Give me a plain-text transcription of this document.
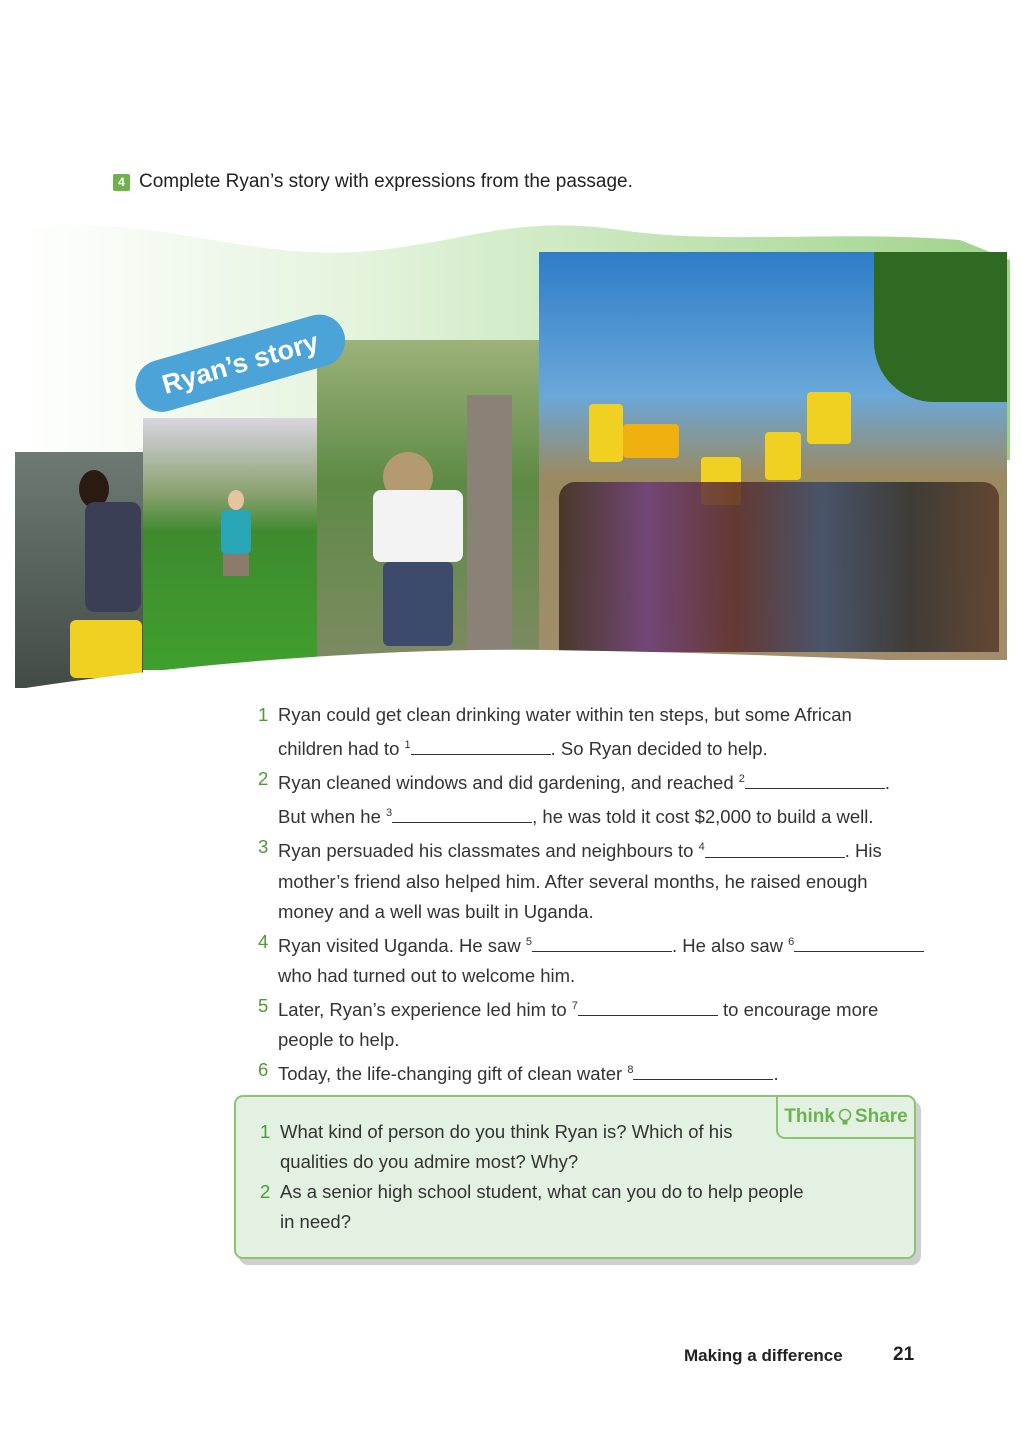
4 Complete Ryan’s story with expressions from the passage.
Ryan’s story
1 Ryan could get clean drinking water within ten steps, but some African
children had to $^1$	. So Ryan decided to help.
2 Ryan cleaned windows and did gardening, and reached $^2$	.
But when he $^3$	, he was told it cost $2,000 to build a well.
3 Ryan persuaded his classmates and neighbours to $^4$	. His
mother’s friend also helped him. After several months, he raised enough
money and a well was built in Uganda.
4 Ryan visited Uganda. He saw $^5$	. He also saw $^6$
who had turned out to welcome him.
5 Later, Ryan’s experience led him to $^7$	to encourage more
people to help.
6 Today, the life-changing gift of clean water $^8$	.
Think Share
1 What kind of person do you think Ryan is? Which of his
qualities do you admire most? Why?
2 As a senior high school student, what can you do to help people
in need?
Making a difference	21
